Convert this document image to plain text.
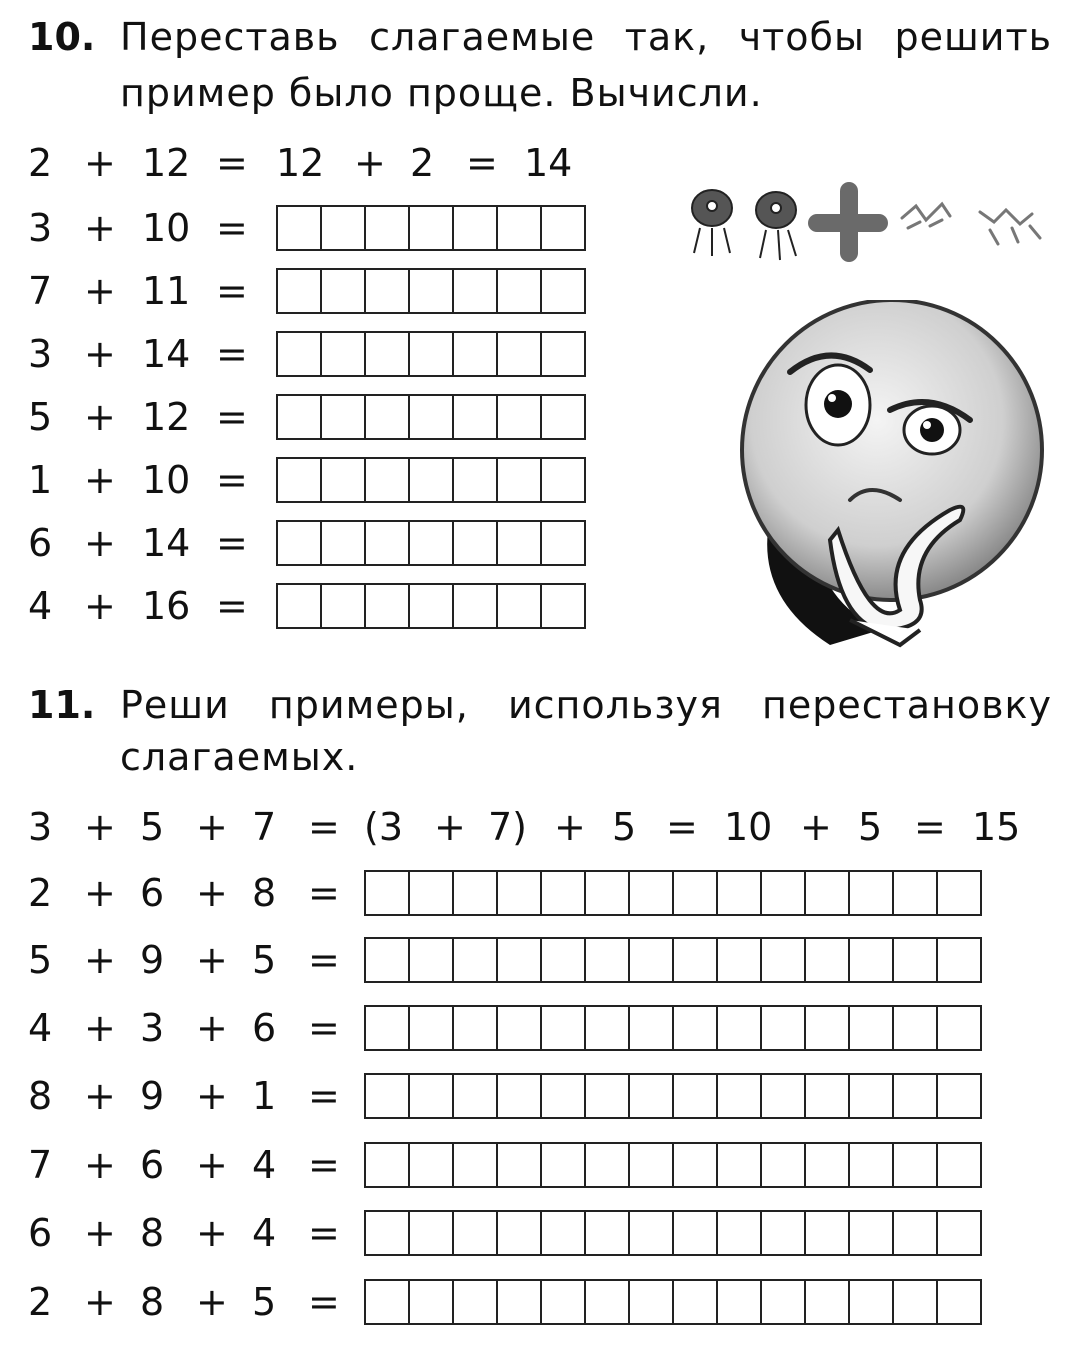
10. Переставь слагаемые так, чтобы решить
пример было проще. Вычисли.
2 + 12 = 12 + 2 = 14
3 + 10 =
7 + 11 =
3 + 14 =
5 + 12 =
1 + 10 =
6 + 14 =
4 + 16 =
11. Реши примеры, используя перестановку
слагаемых.
3 + 5 + 7 = (3 + 7) + 5 = 10 + 5 = 15
2 + 6 + 8 =
5 + 9 + 5 =
4 + 3 + 6 =
8 + 9 + 1 =
7 + 6 + 4 =
6 + 8 + 4 =
2 + 8 + 5 =
